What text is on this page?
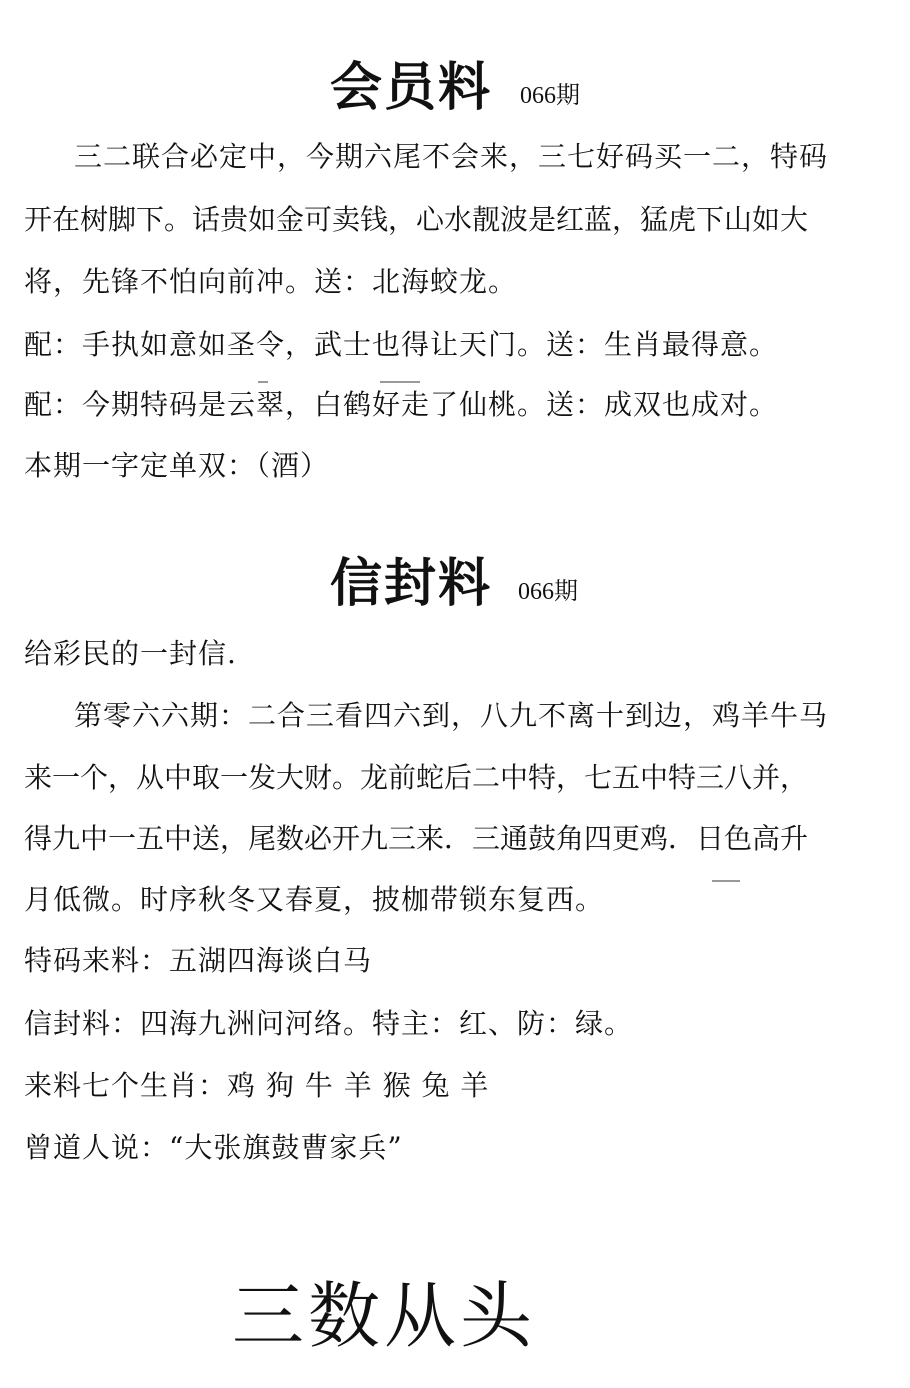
会员料 066期
三二联合必定中，今期六尾不会来，三七好码买一二，特码
开在树脚下。话贵如金可卖钱，心水靓波是红蓝，猛虎下山如大
将，先锋不怕向前冲。送：北海蛟龙。
配：手执如意如圣令，武士也得让天门。送：生肖最得意。
配：今期特码是云翠，白鹤好走了仙桃。送：成双也成对。
本期一字定单双：（酒）
信封料 066期
给彩民的一封信.
第零六六期：二合三看四六到，八九不离十到边，鸡羊牛马
来一个，从中取一发大财。龙前蛇后二中特，七五中特三八并，
得九中一五中送，尾数必开九三来．三通鼓角四更鸡．日色高升
月低微。时序秋冬又春夏，披枷带锁东复西。
特码来料：五湖四海谈白马
信封料：四海九洲问河络。特主：红、防：绿。
来料七个生肖：鸡 狗 牛 羊 猴 兔 羊
曾道人说：“大张旗鼓曹家兵”
三数从头
